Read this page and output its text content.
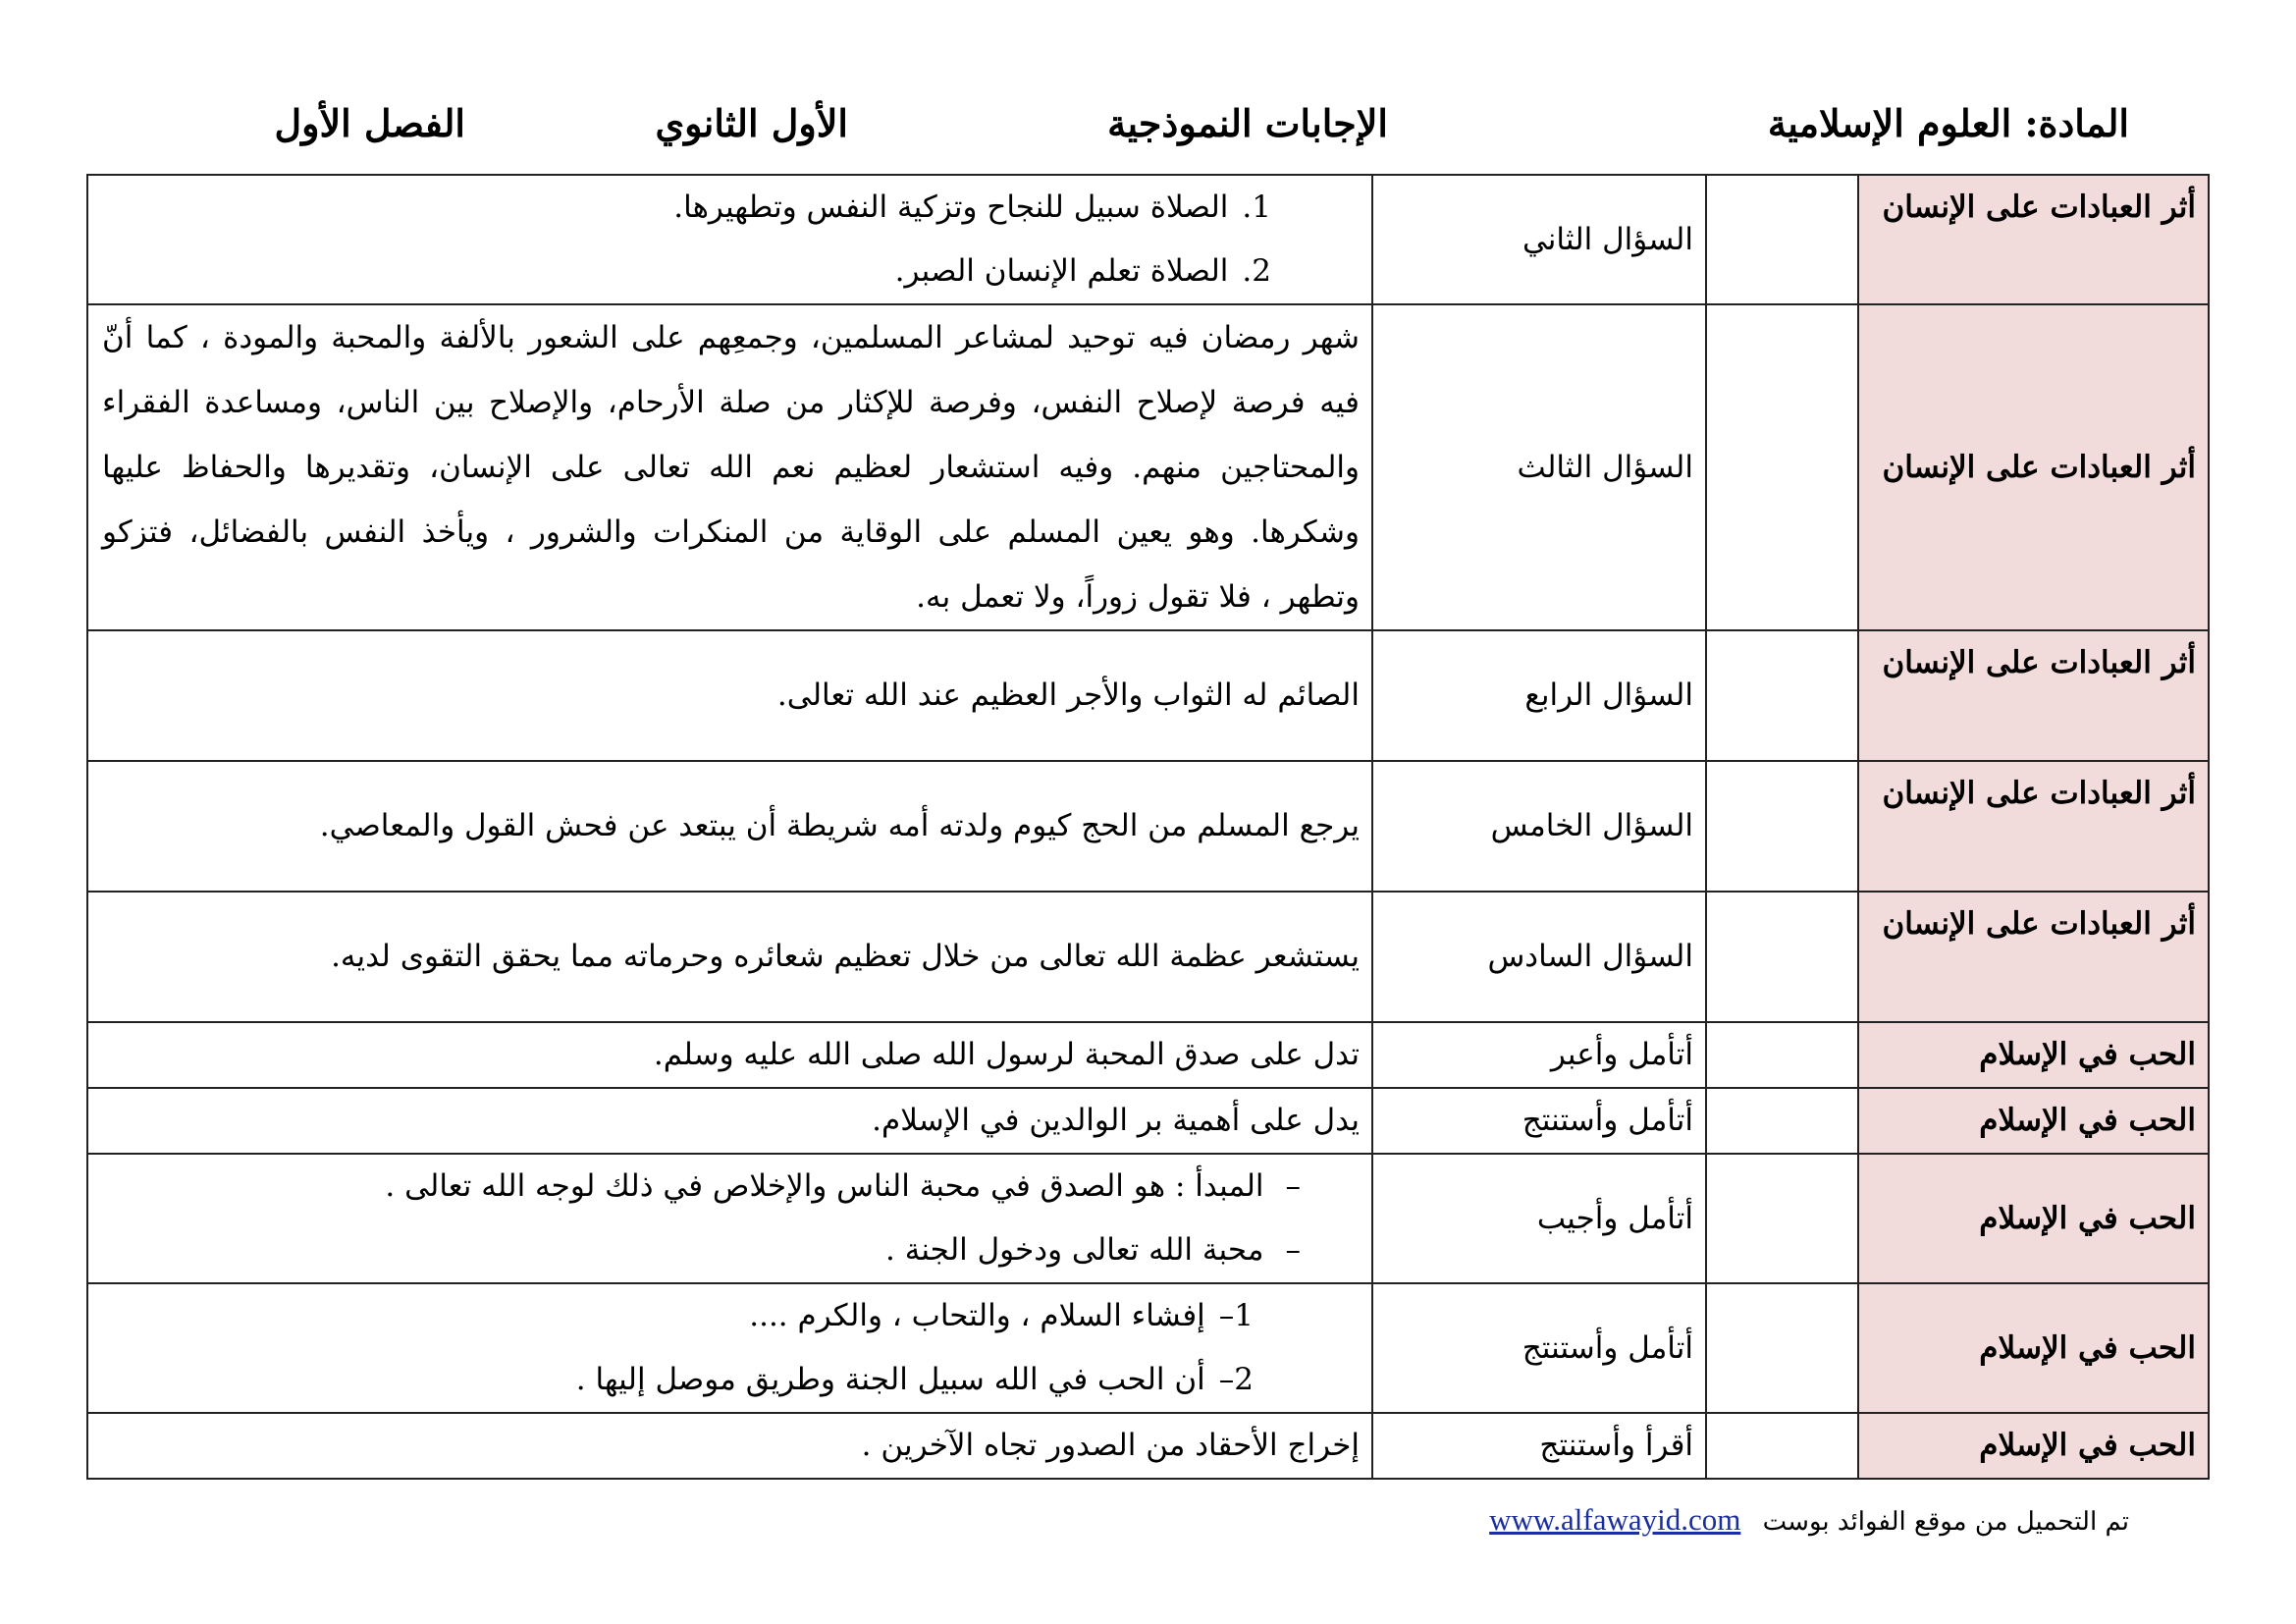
المادة: العلوم الإسلامية
الإجابات النموذجية
الأول الثانوي
الفصل الأول
أثر العبادات على الإنسان		السؤال الثاني	1.الصلاة سبيل للنجاح وتزكية النفس وتطهيرها.
2.الصلاة تعلم الإنسان الصبر.

أثر العبادات على الإنسان		السؤال الثالث	شهر رمضان فيه توحيد لمشاعر المسلمين، وجمعِهم على الشعور بالألفة والمحبة والمودة ، كما أنّ فيه فرصة لإصلاح النفس، وفرصة للإكثار من صلة الأرحام، والإصلاح بين الناس، ومساعدة الفقراء والمحتاجين منهم. وفيه استشعار لعظيم نعم الله تعالى على الإنسان، وتقديرها والحفاظ عليها وشكرها. وهو يعين المسلم على الوقاية من المنكرات والشرور ، ويأخذ النفس بالفضائل، فتزكو وتطهر ، فلا تقول زوراً، ولا تعمل به.
أثر العبادات على الإنسان		السؤال الرابع	الصائم له الثواب والأجر العظيم عند الله تعالى.
أثر العبادات على الإنسان		السؤال الخامس	يرجع المسلم من الحج كيوم ولدته أمه شريطة أن يبتعد عن فحش القول والمعاصي.
أثر العبادات على الإنسان		السؤال السادس	يستشعر عظمة الله تعالى من خلال تعظيم شعائره وحرماته مما يحقق التقوى لديه.
الحب في الإسلام		أتأمل وأعبر	تدل على صدق المحبة لرسول الله صلى الله عليه وسلم.
الحب في الإسلام		أتأمل وأستنتج	يدل على أهمية بر الوالدين في الإسلام.
الحب في الإسلام		أتأمل وأجيب	–المبدأ : هو الصدق في محبة الناس والإخلاص في ذلك لوجه الله تعالى .
–محبة الله تعالى ودخول الجنة .

الحب في الإسلام		أتأمل وأستنتج	1–إفشاء السلام ، والتحاب ، والكرم ....
2–أن الحب في الله سبيل الجنة وطريق موصل إليها .

الحب في الإسلام		أقرأ وأستنتج	إخراج الأحقاد من الصدور تجاه الآخرين .
تم التحميل من موقع الفوائد بوست www.alfawayid.com
